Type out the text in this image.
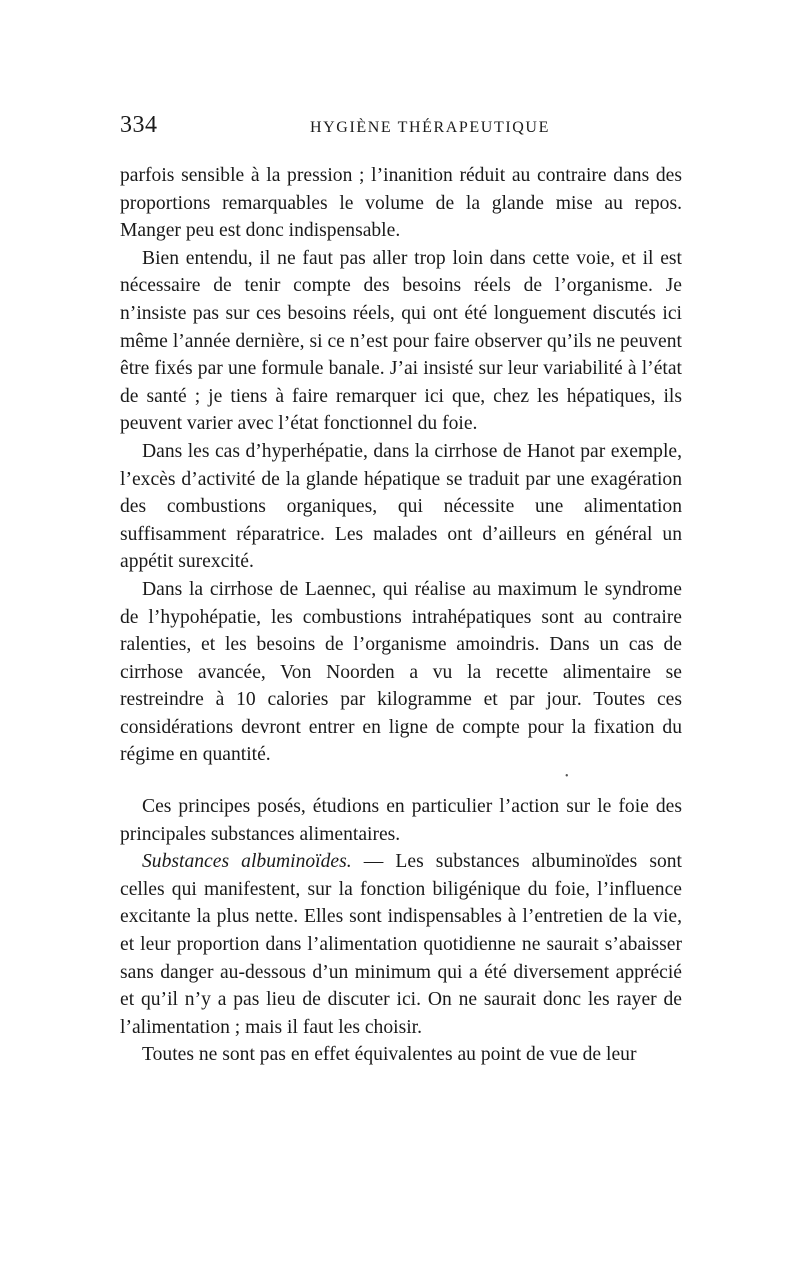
334	HYGIÈNE THÉRAPEUTIQUE

parfois sensible à la pression ; l’inanition réduit au contraire dans des proportions remarquables le volume de la glande mise au repos. Manger peu est donc indispensable.

Bien entendu, il ne faut pas aller trop loin dans cette voie, et il est nécessaire de tenir compte des besoins réels de l’organisme. Je n’insiste pas sur ces besoins réels, qui ont été longuement discutés ici même l’année dernière, si ce n’est pour faire observer qu’ils ne peuvent être fixés par une formule banale. J’ai insisté sur leur variabilité à l’état de santé ; je tiens à faire remarquer ici que, chez les hépatiques, ils peuvent varier avec l’état fonctionnel du foie.

Dans les cas d’hyperhépatie, dans la cirrhose de Hanot par exemple, l’excès d’activité de la glande hépatique se traduit par une exagération des combustions organiques, qui nécessite une alimentation suffisamment réparatrice. Les malades ont d’ailleurs en général un appétit surexcité.

Dans la cirrhose de Laennec, qui réalise au maximum le syndrome de l’hypohépatie, les combustions intrahépatiques sont au contraire ralenties, et les besoins de l’organisme amoindris. Dans un cas de cirrhose avancée, Von Noorden a vu la recette alimentaire se restreindre à 10 calories par kilogramme et par jour. Toutes ces considérations devront entrer en ligne de compte pour la fixation du régime en quantité.

•

Ces principes posés, étudions en particulier l’action sur le foie des principales substances alimentaires.

Substances albuminoïdes. — Les substances albuminoïdes sont celles qui manifestent, sur la fonction biligénique du foie, l’influence excitante la plus nette. Elles sont indispensables à l’entretien de la vie, et leur proportion dans l’alimentation quotidienne ne saurait s’abaisser sans danger au-dessous d’un minimum qui a été diversement apprécié et qu’il n’y a pas lieu de discuter ici. On ne saurait donc les rayer de l’alimentation ; mais il faut les choisir.

Toutes ne sont pas en effet équivalentes au point de vue de leur
